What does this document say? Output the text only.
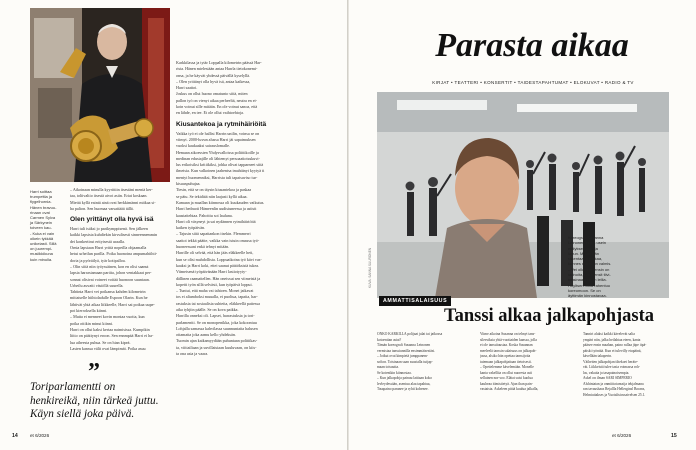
Harri soittaa
trumpettia ja
flygelhornia.
Hänen bravuu-
rinaan ovat
Carmen Sylva
ja Särkynein
toiveen kau-
- Kuka ei vain
oikein tykkää
unikeiasti. Sillä
on juurempi-
musiikkikuna
kuin minulla.
– Aikoinaan minulla kyyrittiin itsestäni mentä ker-
taa, toliivaltio itsestä aivot asiin. Eriat koskaan.
Miettä kyllä eaintä ainä ovat herkkimänni mitkaa si-
ha palion. Sen huomaa varsattäää tällä.
Olen yrittänyt olla hyvä isä
Harri tuli isäksi jo parikymppisenä. Sen jälkeen
kaikki lapsista kuhdiekin kirvulisesti sinneennemmin
dei konkertirut erityisestä uraalla.
Ornia lapsiaan Harri yrittä nopeilla ohjaamalla
hetui urheilun parilla. Poika huonoina ampumahiihti-
doria ja pyöräilyä, tyär kotipalloa.
– Olin siitä niin työyssäinen, kon en olisi saanut
lapsia harrastamaan partita, johon ventakkaat per-
sonnat olisivat voineet voitää huonoon suuntaan.
Urheilu auvatti väsiöllä suurella.
Tahtinta Harri vei poikansa kahden kilometrin
mittaiselle hiihtoladulle Espoon Olarin. Kun he
lähtivät yhtä aikaa liikkeelle, Harri sai poikaa uupe-
pot kierroksella kiinni.
– Mutta ei menneet kovin montaa vuotta, kun
poika ottikin minut kiinni.
Harri on ollut kaksi kertaa naimisissa. Kumpikin
liitto on päättynyt eroon. Sen ennmpää Harri ei ha-
lua aiheesta puhua. Se on hian kipeä.
Lasten kanssa välit ovat lämpimät. Poika asuu
Karkkilassa ja tytär Loppalla kilometrin päässä Har-
rista. Hänen mielestään antaa Harrla tietokonemi-
onsa, ja he käyvät yhdessä päivällä kyselyllä.
– Olen yrittänyt olla hyvä isä, antaa kaikessa,
Harri saattoi.
Joskus on ollut huono omatunto siitä, miten
pallon työ on vienyt aikaa perheeltä, neutra en ei-
koin voinut sille mitään. En ole voinut sanoa, että
en lähde, en tee. Et ole ollut vaihtoehtoja.
Kiusantekoa ja rytmihäiriöitä
Vaikka työ ei ole hallist Harrin unilin, voinsa se on
viimyt. 2000-luvun alussa Harri jäi sapatmuksen
vuoksi kaukaaksi sairauslomalle.
Hemaan aikoessten Yhdysvalloissa poliittikoille ja
medinan edustajille oli lähtemyt persoaatiotsukuvi-
lus erikoisiksi kritiikiksi, johka olivat tapparneet siitä
ilmeisia. Kun valkoinen jaahentsa imahtänyt kyytyä ti
mentyt huomenniksi, Harrista tuli tapaisaviso tur-
kisuuspuhujaa.
Tiesin, että se on täysin kiusantekoa ja paskaa
se pätu. Se tekidätä niin laajasti kyllä aikaa.
Kamaan ja maallan kiinnossa oli kuukauden vaikutus.
Harri hedraoti Hämeenlin uudistuneessa ja astistt
kaastattehtaa. Pahoittu soi lauluna.
Harri oli väsyneyt ja sai nydännen rytmihäiriöitä
kaiken työpäivän.
– Tajusin siitä sapattankon itsekin. Flemmerri
saattoi tekkä päätte, vaikka vain istuin omassa työ-
huoneessani enkä tehnyt mitään.
Harrille oli selvää, että hän jääs eläkkeelle heti,
kun se olisi mahdollista. Loppuaikoina työ kävi vas-
kaaksi ja Harri koki, ettei saanut päätöksistä tukea.
Viimeisenä työpäivänään Harri lastiotyyty-
dällinen raamattellen. Hän oneissut sen viimeistä ja
kopetti työn sillä selvästi, kun työpäivä loppui.
– Tuntui, että maha vai tahtoen. Monet jaikavat
tos ei aliamboksi muualla, ei puoltua, tapaiia, har-
rastuksia tai sosiaalisia suhteita, eläkkeellä pattessa
aika tyhjiin päälle. Se on kova paikka.
Harrilla onneksi oli. Lapset, harrastuksia ja tori-
parlamentti. Se on monopenikka, joka kokoontuu
Lohjalla samassa kahvilassa suunnuntaita halusen
ottamatta joka aamu kello yhdeksän.
Tuomin ajan kaikamyydään puhuntaan politiikas-
ta, viittailiaan ja suvillaisiaan kuuluvaan, on kiis-
ta ona asia ja vaara.
”
Toriparlamentti on
henkireikä, niin tärkeä juttu.
Käyn siellä joka päivä.
14	et 6/2026
Parasta aikaa
KIRJAT • TEATTERI • KONSERTIT • TAIDESTAPAHTUMAT • ELOKUVAT • RADIO & TV
Koreografi Susanna
Leinonen tietää usein
eritlyksen aion ja
lopun. Muuta hän
rakentaa ja purkaa,
kunnes esitys on valmis.
– Vei ollu, että ensin on
tarinoita, jotka ensit tiivi-
tonsinaa mililiän lellia.
Höyltsen riistä rahentuu
koreomoon. Se on
äyttimän kinnostavaa.
KUVA: SANNA SUURONEN
AMMATTISALAISUUS
Tanssi alkaa jalkapohjasta
ONKO KARKILLA polijaat jalat tai jatkossa
kotoentian asiat?
Tämän koreografi Susanna Leinonen
vermistaa tanssiunnilla ensimmäisestäsi.
– Jotkut ovat kimpietä jumppanem-
sofion. Toisinaan saan suustalla tutjap-
maan toisuutta.
Se kotentkin kiinnostaa.
– Kun jalkapohja painuu lattiaan koko
levleydessään, asentuu alaa tapahtua,
Tasapaino paranee ja ryhti kohenee.
Viime aikoina Susanna on tehnyt tans-
sileesiksia yhtä-vuotiaiden kanssa, jolla
ei ole tanssitaustaa. Koska Susannan
meeleelä tanssin salaisuus on jalkapoh-
jassa, alsiko hän opettaa tanssijoita
tuiemaan jalkapohjattaan tietoisesti.
– Opettelemme kävelemään. Monelle
kanta vakelliia on ollut nuoresta asti
sellainen nor-soo. Elätat saisi kuolua
kauheaa itimistietyä. Ajan ihan pain-
vastaista. Askeleen pitää kuulua jalkalla,
Tanniri aluksi kaikki kävelevät salia
ympäri niin, jalka heilahtaa eteen, kanta
pääsee ensin maahan, paino rullaa jäpe itpä-
päiskt työntää. Kun ei tulevilly etupäinä,
kävellään takaperin.
Väiheiten jalkapohjan tihekoet heräte-
vät. Liikkeistä tulee tasia voimassa roh-
las, vakaita ja tasapainoisempia.
Askel on ilman SARI SIMPERIO
Alshintatan ja onmiittotanssija tekjalmana
ran tavaushaus Rejallla Hellerginsl Borans,
Helmiuttakses ja Vuotalisiossaivelsen 25.1.
et 6/2026	15
